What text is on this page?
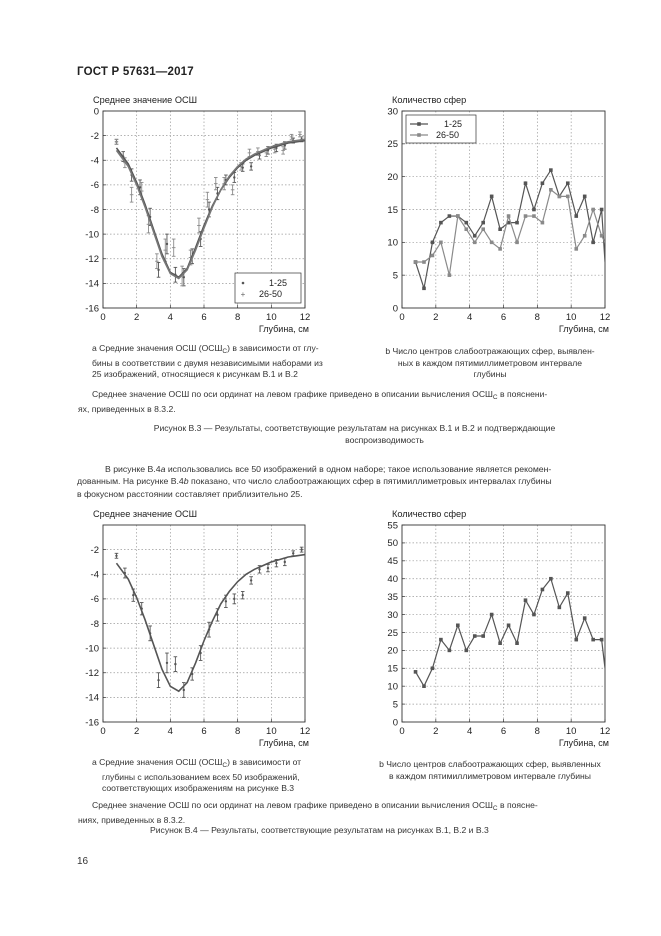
ГОСТ Р 57631—2017
Среднее значение ОСШ
Глубина, см
0	2	4	6	8	10 12
0
-2
-4
-6
-8
-10
-12
-14
-16
1-25
+ 26-50
Количество сфер
Глубина, см
0	2	4	6	8	10 12
0
5
10
15
20
25
30
1-25
26-50
Среднее значение ОСШ
Глубина, см
0	2	4	6	8	10 12
-2
-4
-6
-8
-10
-12
-14
-16
Количество сфер
Глубина, см
0	2	4	6	8	10 12
0
5
10
15
20
25
30
35
40
45
50
55
а Средние значения ОСШ $(ОСШ_C)$ в зависимости от глу-
бины в соответствии с двумя независимыми наборами из
25 изображений, относящиеся к рисункам В.1 и В.2
b Число центров слабоотражающих сфер, выявлен-
ных в каждом пятимиллиметровом интервале
глубины
Среднее значение ОСШ по оси ординат на левом графике приведено в описании вычисления $ОСШ_C$ в пояснени-
ях, приведенных в 8.3.2.
Рисунок В.3 — Результаты, соответствующие результатам на рисунках В.1 и В.2 и подтверждающие
воспроизводимость
В рисунке В.4а использовались все 50 изображений в одном наборе; такое использование является рекомен-
дованным. На рисунке В.4b показано, что число слабоотражающих сфер в пятимиллиметровых интервалах глубины
в фокусном расстоянии составляет приблизительно 25.
а Средние значения ОСШ $(ОСШ_C)$ в зависимости от
глубины с использованием всех 50 изображений,
соответствующих изображениям на рисунке В.3
b Число центров слабоотражающих сфер, выявленных
в каждом пятимиллиметровом интервале глубины
Среднее значение ОСШ по оси ординат на левом графике приведено в описании вычисления $ОСШ_C$ в поясне-
ниях, приведенных в 8.3.2.
Рисунок В.4 — Результаты, соответствующие результатам на рисунках В.1, В.2 и В.3
16
